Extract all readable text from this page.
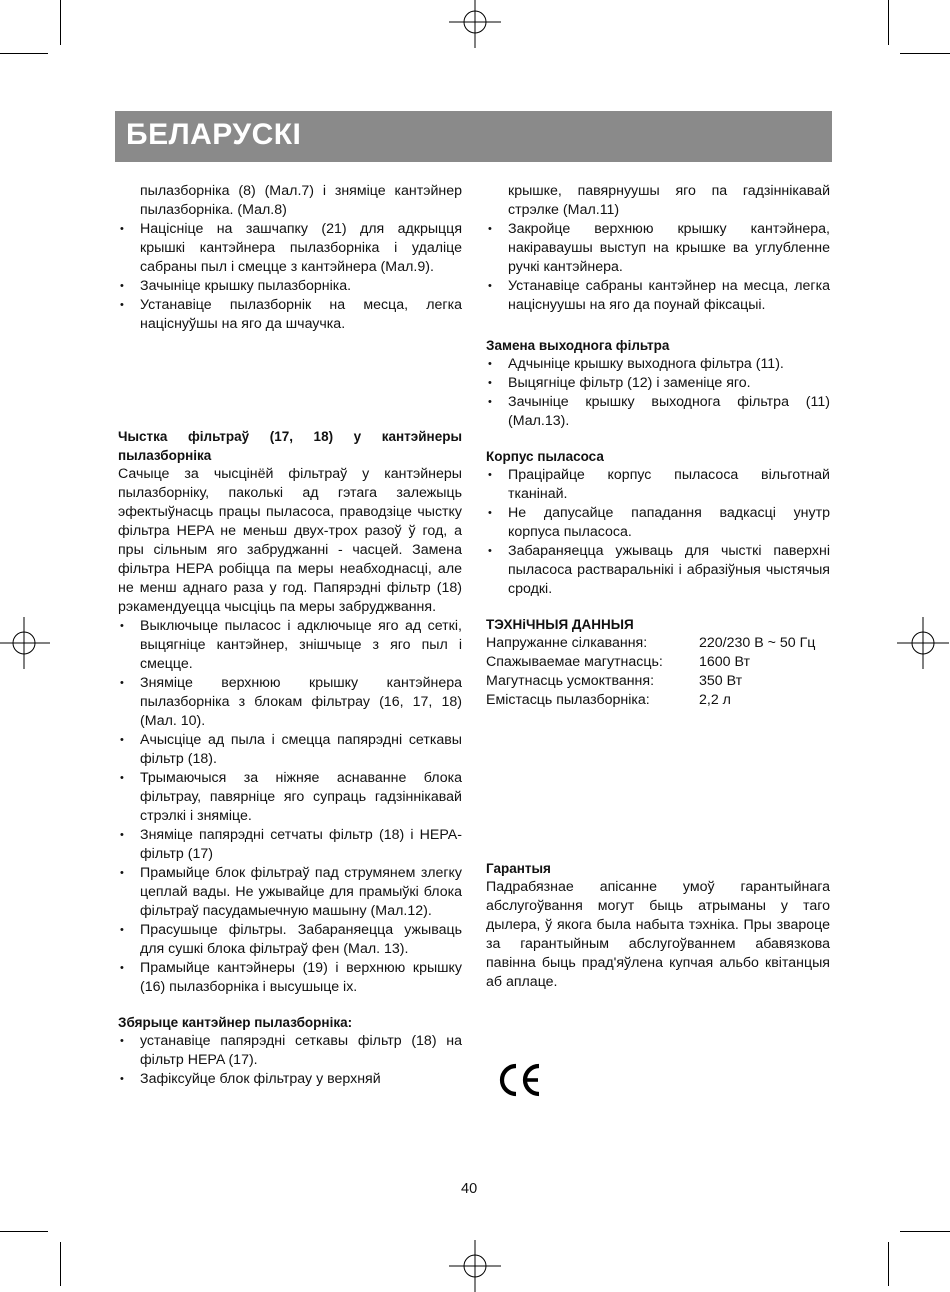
БЕЛАРУСКІ

пылазборніка (8) (Мал.7) і зняміце кантэйнер пылазборніка. (Мал.8)

• Націсніце на зашчапку (21) для адкрыцця крышкі кантэйнера пылазборніка і удаліце сабраны пыл і смецце з кантэйнера (Мал.9).
• Зачыніце крышку пылазборніка.
• Устанавіце пылазборнік на месца, легка націснуўшы на яго да шчаучка.

Чыстка фільтраў (17, 18) у кантэйнеры пылазборніка

Сачыце за чысцінёй фільтраў у кантэйнеры пылазборніку, паколькі ад гэтага залежыць эфектыўнасць працы пыласоса, праводзіце чыстку фільтра HEPA не меньш двух-трох разоў ў год, а пры сільным яго забруджанні - часцей. Замена фільтра HEPA робіцца па меры неабходнасці, але не менш аднаго раза у год. Папярэдні фільтр (18) рэкамендуецца чысціць па меры забруджвання.

• Выключыце пыласос і адключыце яго ад сеткі, выцягніце кантэйнер, знішчыце з яго пыл і смецце.
• Зняміце верхнюю крышку кантэйнера пылазборніка з блокам фільтрау (16, 17, 18) (Мал. 10).
• Ачысціце ад пыла і смецца папярэдні сеткавы фільтр (18).
• Трымаючыся за ніжняе аснаванне блока фільтрау, павярніце яго супраць гадзіннікавай стрэлкі і зняміце.
• Зняміце папярэдні сетчаты фільтр (18) і HEPA-фільтр (17)
• Прамыйце блок фільтраў пад струмянем злегку цеплай вады. Не ужывайце для прамыўкі блока фільтраў пасудамыечную машыну (Мал.12).
• Прасушыце фільтры. Забараняецца ужываць для сушкі блока фільтраў фен (Мал. 13).
• Прамыйце кантэйнеры (19) і верхнюю крышку (16) пылазборніка і высушыце іх.

Збярыце кантэйнер пылазборніка:

• устанавіце папярэдні сеткавы фільтр (18) на фільтр HEPA (17).
• Зафіксуйце блок фільтрау у верхняй

крышке, павярнуушы яго па гадзіннікавай стрэлке (Мал.11)

• Закройце верхнюю крышку кантэйнера, накіраваушы выступ на крышке ва углубленне ручкі кантэйнера.
• Устанавіце сабраны кантэйнер на месца, легка націснуушы на яго да поунай фіксацыі.

Замена выходнога фільтра

• Адчыніце крышку выходнога фільтра (11).
• Выцягніце фільтр (12) і заменіце яго.
• Зачыніце крышку выходнога фільтра (11) (Мал.13).

Корпус пыласоса

• Працірайце корпус пыласоса вільготнай тканінай.
• Не дапусайце пападання вадкасці унутр корпуса пыласоса.
• Забараняецца ужываць для чысткі паверхні пыласоса растваральнікі і абразіўныя чыстячыя сродкі.

ТЭХНіЧНЫЯ ДАННЫЯ

Напружанне сілкавання:	220/230 В ~ 50 Гц
Спажываемае магутнасць:	1600 Вт
Магутнасць усмоктвання:	350 Вт
Емістасць пылазборніка:	2,2 л

Гарантыя

Падрабязнае апісанне умоў гарантыйнага абслугоўвання могут быць атрыманы у таго дылера, ў якога была набыта тэхніка. Пры звароце за гарантыйным абслугоўваннем абавязкова павінна быць прад'яўлена купчая альбо квітанцыя аб аплаце.

40
